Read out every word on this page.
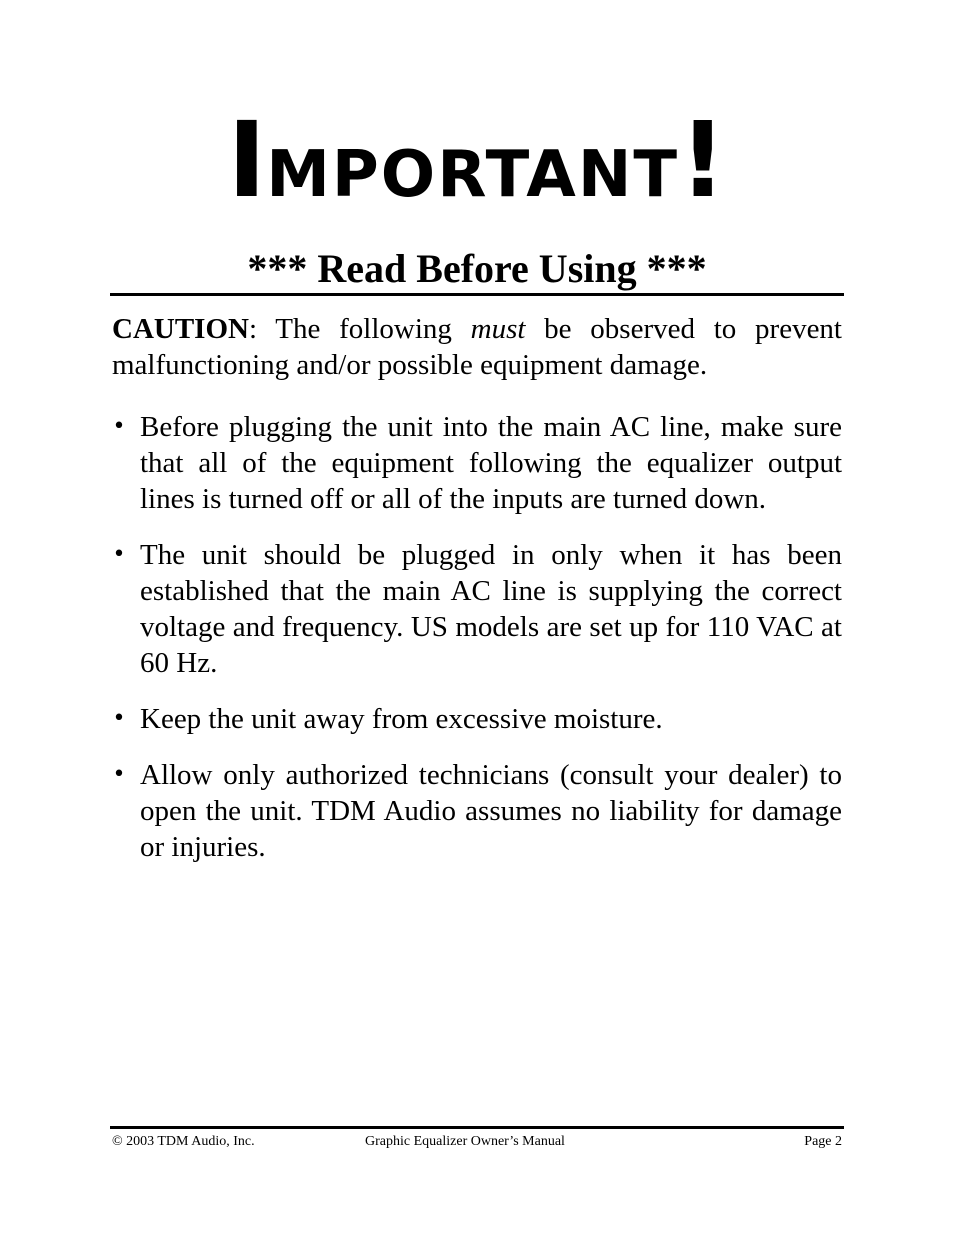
IMPORTANT!
*** Read Before Using ***

CAUTION: The following must be observed to prevent malfunctioning and/or possible equipment damage.

• Before plugging the unit into the main AC line, make sure that all of the equipment following the equalizer output lines is turned off or all of the inputs are turned down.
• The unit should be plugged in only when it has been established that the main AC line is supplying the correct voltage and frequency. US models are set up for 110 VAC at 60 Hz.
• Keep the unit away from excessive moisture.
• Allow only authorized technicians (consult your dealer) to open the unit. TDM Audio assumes no liability for damage or injuries.
© 2003 TDM Audio, Inc.	Graphic Equalizer Owner’s Manual	Page 2
